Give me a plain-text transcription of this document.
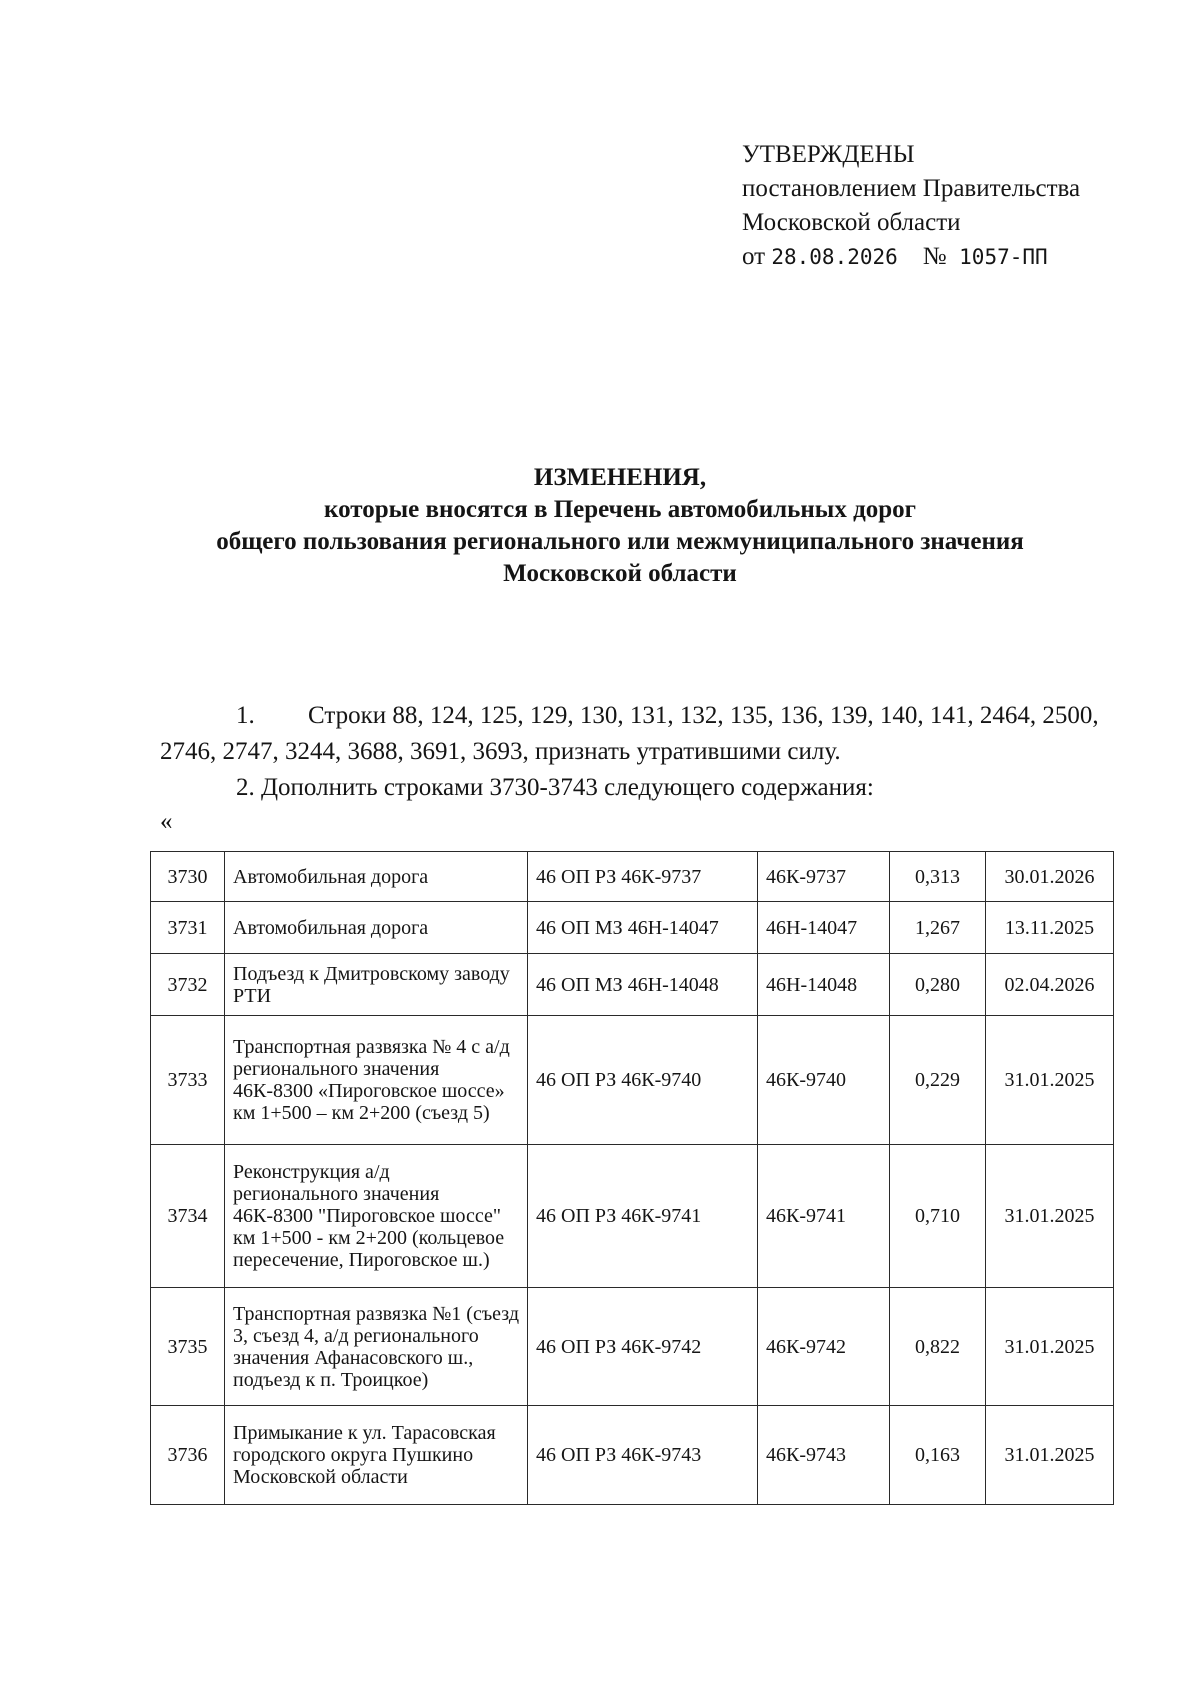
УТВЕРЖДЕНЫ
постановлением Правительства
Московской области
от 28.08.2026 № 1057-ПП
ИЗМЕНЕНИЯ,
которые вносятся в Перечень автомобильных дорог
общего пользования регионального или межмуниципального значения
Московской области
1. Строки 88, 124, 125, 129, 130, 131, 132, 135, 136, 139, 140, 141, 2464, 2500, 2746, 2747, 3244, 3688, 3691, 3693, признать утратившими силу.
2. Дополнить строками 3730-3743 следующего содержания:
«
3730	Автомобильная дорога	46 ОП РЗ 46К-9737	46К-9737	0,313	30.01.2026
3731	Автомобильная дорога	46 ОП МЗ 46Н-14047	46Н-14047	1,267	13.11.2025
3732	Подъезд к Дмитровскому заводу РТИ	46 ОП МЗ 46Н-14048	46Н-14048	0,280	02.04.2026
3733	Транспортная развязка № 4 с а/д регионального значения 46К-8300 «Пироговское шоссе» км 1+500 – км 2+200 (съезд 5)	46 ОП РЗ 46К-9740	46К-9740	0,229	31.01.2025
3734	Реконструкция а/д регионального значения 46К-8300 "Пироговское шоссе" км 1+500 - км 2+200 (кольцевое пересечение, Пироговское ш.)	46 ОП РЗ 46К-9741	46К-9741	0,710	31.01.2025
3735	Транспортная развязка №1 (съезд 3, съезд 4, а/д регионального значения Афанасовского ш., подъезд к п. Троицкое)	46 ОП РЗ 46К-9742	46К-9742	0,822	31.01.2025
3736	Примыкание к ул. Тарасовская городского округа Пушкино Московской области	46 ОП РЗ 46К-9743	46К-9743	0,163	31.01.2025
